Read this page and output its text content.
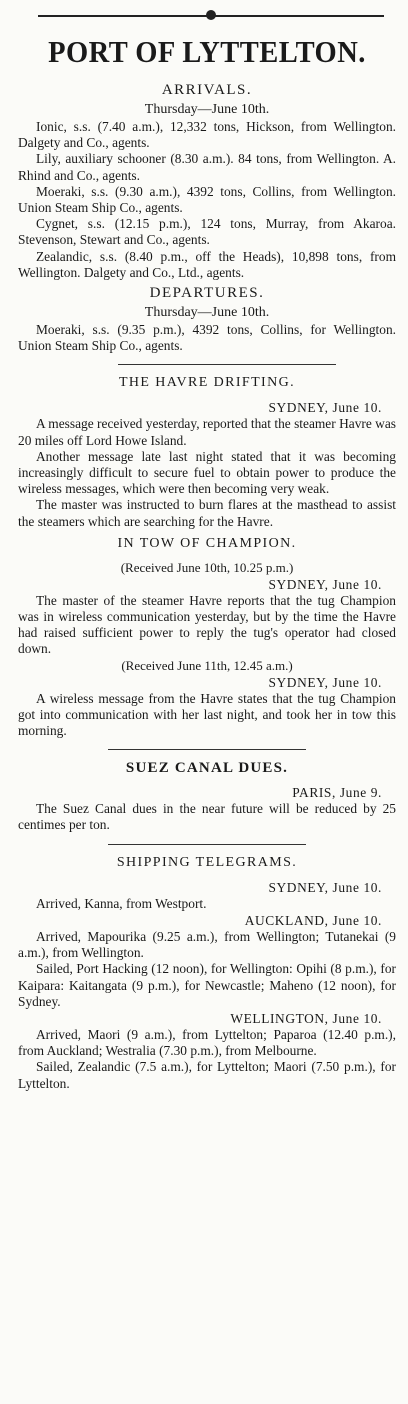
PORT OF LYTTELTON.
ARRIVALS.
Thursday—June 10th.

Ionic, s.s. (7.40 a.m.), 12,332 tons, Hickson, from Wellington. Dalgety and Co., agents.

Lily, auxiliary schooner (8.30 a.m.). 84 tons, from Wellington. A. Rhind and Co., agents.

Moeraki, s.s. (9.30 a.m.), 4392 tons, Collins, from Wellington. Union Steam Ship Co., agents.

Cygnet, s.s. (12.15 p.m.), 124 tons, Murray, from Akaroa. Stevenson, Stewart and Co., agents.

Zealandic, s.s. (8.40 p.m., off the Heads), 10,898 tons, from Wellington. Dalgety and Co., Ltd., agents.

DEPARTURES.
Thursday—June 10th.

Moeraki, s.s. (9.35 p.m.), 4392 tons, Collins, for Wellington. Union Steam Ship Co., agents.

THE HAVRE DRIFTING.
SYDNEY, June 10.

A message received yesterday, reported that the steamer Havre was 20 miles off Lord Howe Island.

Another message late last night stated that it was becoming increasingly difficult to secure fuel to obtain power to produce the wireless messages, which were then becoming very weak.

The master was instructed to burn flares at the masthead to assist the steamers which are searching for the Havre.

IN TOW OF CHAMPION.
(Received June 10th, 10.25 p.m.)
SYDNEY, June 10.

The master of the steamer Havre reports that the tug Champion was in wireless communication yesterday, but by the time the Havre had raised sufficient power to reply the tug's operator had closed down.

(Received June 11th, 12.45 a.m.)
SYDNEY, June 10.

A wireless message from the Havre states that the tug Champion got into communication with her last night, and took her in tow this morning.

SUEZ CANAL DUES.
PARIS, June 9.

The Suez Canal dues in the near future will be reduced by 25 centimes per ton.

SHIPPING TELEGRAMS.
SYDNEY, June 10.

Arrived, Kanna, from Westport.

AUCKLAND, June 10.

Arrived, Mapourika (9.25 a.m.), from Wellington; Tutanekai (9 a.m.), from Wellington.

Sailed, Port Hacking (12 noon), for Wellington: Opihi (8 p.m.), for Kaipara: Kaitangata (9 p.m.), for Newcastle; Maheno (12 noon), for Sydney.

WELLINGTON, June 10.

Arrived, Maori (9 a.m.), from Lyttelton; Paparoa (12.40 p.m.), from Auckland; Westralia (7.30 p.m.), from Melbourne.

Sailed, Zealandic (7.5 a.m.), for Lyttelton; Maori (7.50 p.m.), for Lyttelton.
